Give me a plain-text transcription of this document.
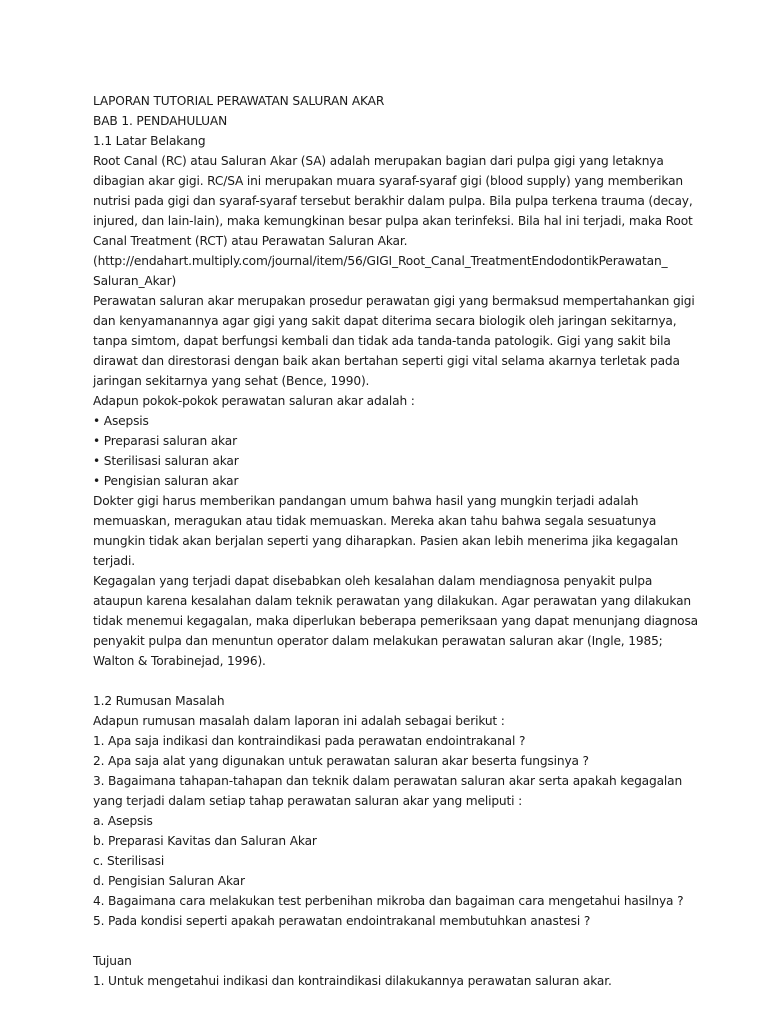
LAPORAN TUTORIAL PERAWATAN SALURAN AKAR
BAB 1. PENDAHULUAN
1.1 Latar Belakang
Root Canal (RC) atau Saluran Akar (SA) adalah merupakan bagian dari pulpa gigi yang letaknya
dibagian akar gigi. RC/SA ini merupakan muara syaraf-syaraf gigi (blood supply) yang memberikan
nutrisi pada gigi dan syaraf-syaraf tersebut berakhir dalam pulpa. Bila pulpa terkena trauma (decay,
injured, dan lain-lain), maka kemungkinan besar pulpa akan terinfeksi. Bila hal ini terjadi, maka Root
Canal Treatment (RCT) atau Perawatan Saluran Akar.
(http://endahart.multiply.com/journal/item/56/GIGI_Root_Canal_TreatmentEndodontikPerawatan_
Saluran_Akar)
Perawatan saluran akar merupakan prosedur perawatan gigi yang bermaksud mempertahankan gigi
dan kenyamanannya agar gigi yang sakit dapat diterima secara biologik oleh jaringan sekitarnya,
tanpa simtom, dapat berfungsi kembali dan tidak ada tanda-tanda patologik. Gigi yang sakit bila
dirawat dan direstorasi dengan baik akan bertahan seperti gigi vital selama akarnya terletak pada
jaringan sekitarnya yang sehat (Bence, 1990).
Adapun pokok-pokok perawatan saluran akar adalah :
• Asepsis
• Preparasi saluran akar
• Sterilisasi saluran akar
• Pengisian saluran akar
Dokter gigi harus memberikan pandangan umum bahwa hasil yang mungkin terjadi adalah
memuaskan, meragukan atau tidak memuaskan. Mereka akan tahu bahwa segala sesuatunya
mungkin tidak akan berjalan seperti yang diharapkan. Pasien akan lebih menerima jika kegagalan
terjadi.
Kegagalan yang terjadi dapat disebabkan oleh kesalahan dalam mendiagnosa penyakit pulpa
ataupun karena kesalahan dalam teknik perawatan yang dilakukan. Agar perawatan yang dilakukan
tidak menemui kegagalan, maka diperlukan beberapa pemeriksaan yang dapat menunjang diagnosa
penyakit pulpa dan menuntun operator dalam melakukan perawatan saluran akar (Ingle, 1985;
Walton & Torabinejad, 1996).
1.2 Rumusan Masalah
Adapun rumusan masalah dalam laporan ini adalah sebagai berikut :
1. Apa saja indikasi dan kontraindikasi pada perawatan endointrakanal ?
2. Apa saja alat yang digunakan untuk perawatan saluran akar beserta fungsinya ?
3. Bagaimana tahapan-tahapan dan teknik dalam perawatan saluran akar serta apakah kegagalan
yang terjadi dalam setiap tahap perawatan saluran akar yang meliputi :
a. Asepsis
b. Preparasi Kavitas dan Saluran Akar
c. Sterilisasi
d. Pengisian Saluran Akar
4. Bagaimana cara melakukan test perbenihan mikroba dan bagaiman cara mengetahui hasilnya ?
5. Pada kondisi seperti apakah perawatan endointrakanal membutuhkan anastesi ?
Tujuan
1. Untuk mengetahui indikasi dan kontraindikasi dilakukannya perawatan saluran akar.
